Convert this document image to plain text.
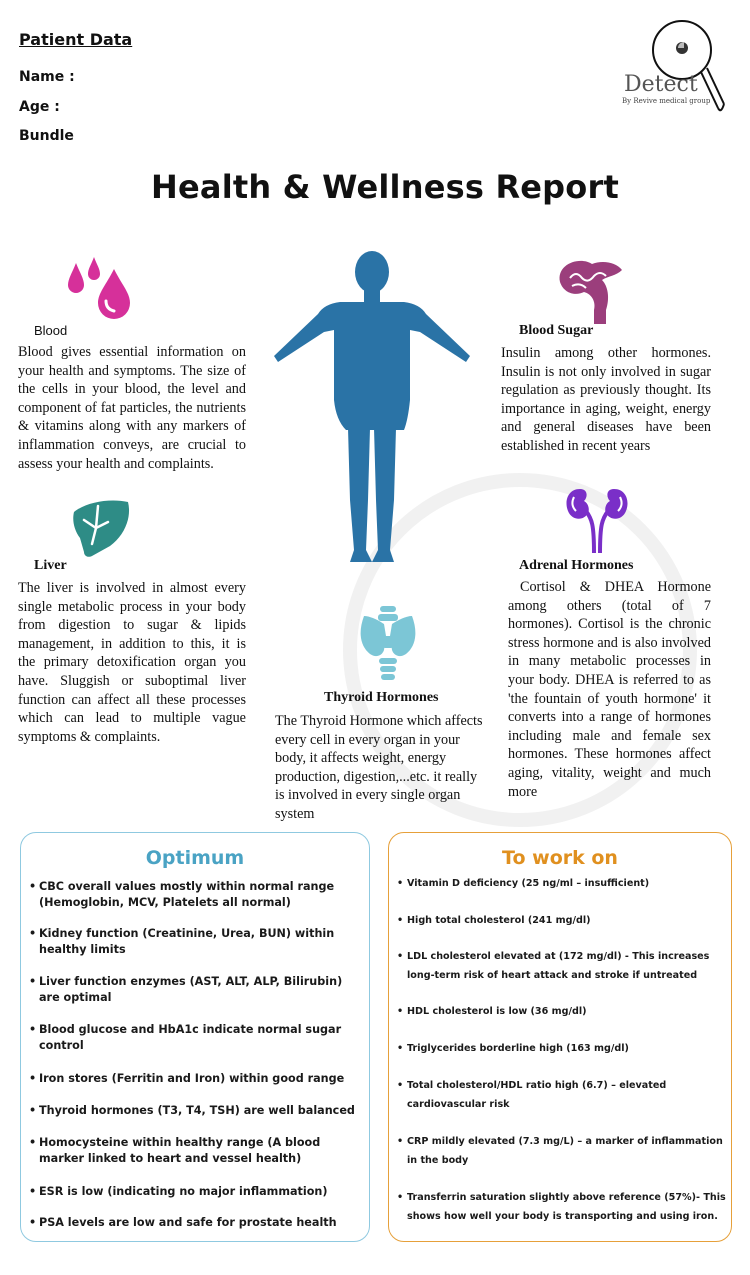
Patient Data
Name :
Age :
Bundle
Detect
By Revive medical group
Health & Wellness Report
Blood
Blood gives essential information on your health and symptoms. The size of the cells in your blood, the level and component of fat particles, the nutrients & vitamins along with any markers of inflammation conveys, are crucial to assess your health and complaints.
Blood Sugar
Insulin among other hormones. Insulin is not only involved in sugar regulation as previously thought. Its importance in aging, weight, energy and general diseases have been established in recent years
Liver
The liver is involved in almost every single metabolic process in your body from digestion to sugar & lipids management, in addition to this, it is the primary detoxification organ you have. Sluggish or suboptimal liver function can affect all these processes which can lead to multiple vague symptoms & complaints.
Adrenal Hormones
Cortisol & DHEA Hormone among others (total of 7 hormones). Cortisol is the chronic stress hormone and is also involved in many metabolic processes in your body. DHEA is referred to as 'the fountain of youth hormone' it converts into a range of hormones including male and female sex hormones. These hormones affect aging, vitality, weight and much more
Thyroid Hormones
The Thyroid Hormone which affects every cell in every organ in your body, it affects weight, energy production, digestion,...etc. it really is involved in every single organ system
Optimum
• CBC overall values mostly within normal range (Hemoglobin, MCV, Platelets all normal)
• Kidney function (Creatinine, Urea, BUN) within healthy limits
• Liver function enzymes (AST, ALT, ALP, Bilirubin) are optimal
• Blood glucose and HbA1c indicate normal sugar control
• Iron stores (Ferritin and Iron) within good range
• Thyroid hormones (T3, T4, TSH) are well balanced
• Homocysteine within healthy range (A blood marker linked to heart and vessel health)
• ESR is low (indicating no major inflammation)
• PSA levels are low and safe for prostate health
To work on
• Vitamin D deficiency (25 ng/ml – insufficient)
• High total cholesterol (241 mg/dl)
• LDL cholesterol elevated at (172 mg/dl) - This increases long-term risk of heart attack and stroke if untreated
• HDL cholesterol is low (36 mg/dl)
• Triglycerides borderline high (163 mg/dl)
• Total cholesterol/HDL ratio high (6.7) – elevated cardiovascular risk
• CRP mildly elevated (7.3 mg/L) – a marker of inflammation in the body
• Transferrin saturation slightly above reference (57%)- This shows how well your body is transporting and using iron.
